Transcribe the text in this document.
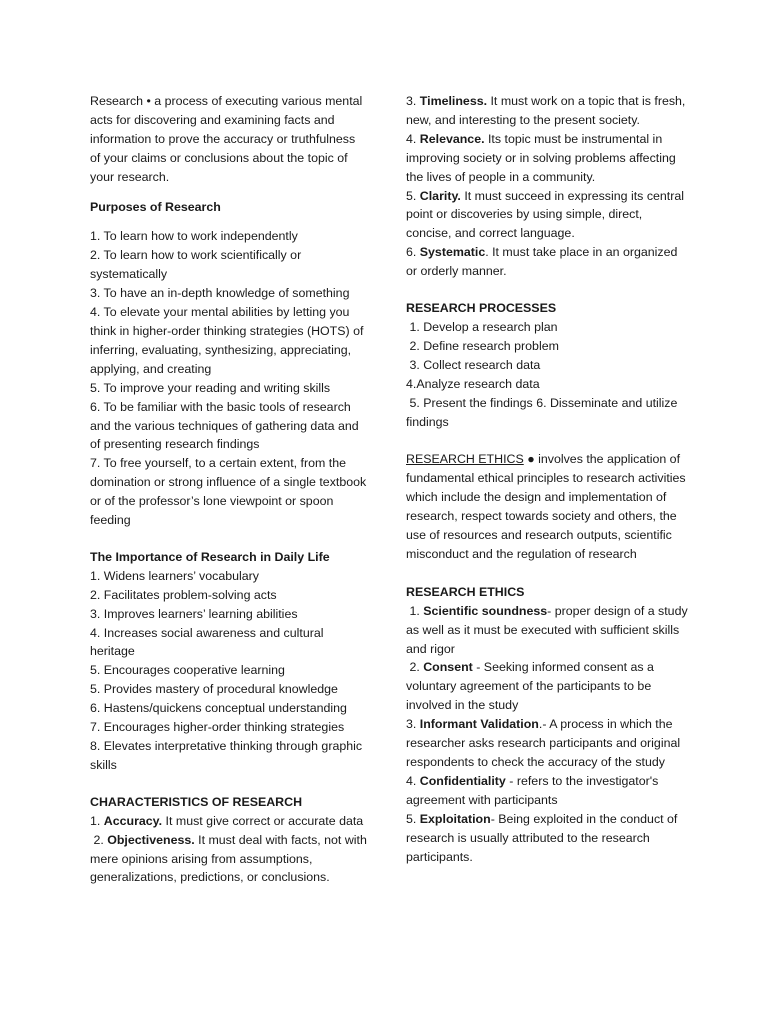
Research • a process of executing various mental acts for discovering and examining facts and information to prove the accuracy or truthfulness of your claims or conclusions about the topic of your research.

Purposes of Research

1. To learn how to work independently

2. To learn how to work scientifically or systematically

3. To have an in-depth knowledge of something

4. To elevate your mental abilities by letting you think in higher-order thinking strategies (HOTS) of inferring, evaluating, synthesizing, appreciating, applying, and creating

5. To improve your reading and writing skills

6. To be familiar with the basic tools of research and the various techniques of gathering data and of presenting research findings

7. To free yourself, to a certain extent, from the domination or strong influence of a single textbook or of the professor’s lone viewpoint or spoon feeding

The Importance of Research in Daily Life

1. Widens learners’ vocabulary

2. Facilitates problem-solving acts

3. Improves learners’ learning abilities

4. Increases social awareness and cultural heritage

5. Encourages cooperative learning

5. Provides mastery of procedural knowledge

6. Hastens/quickens conceptual understanding

7. Encourages higher-order thinking strategies

8. Elevates interpretative thinking through graphic skills

CHARACTERISTICS OF RESEARCH

1. Accuracy. It must give correct or accurate data

2. Objectiveness. It must deal with facts, not with mere opinions arising from assumptions, generalizations, predictions, or conclusions.

3. Timeliness. It must work on a topic that is fresh, new, and interesting to the present society.

4. Relevance. Its topic must be instrumental in improving society or in solving problems affecting the lives of people in a community.

5. Clarity. It must succeed in expressing its central point or discoveries by using simple, direct, concise, and correct language.

6. Systematic. It must take place in an organized or orderly manner.

RESEARCH PROCESSES

1. Develop a research plan

2. Define research problem

3. Collect research data

4.Analyze research data

5. Present the findings 6. Disseminate and utilize findings

RESEARCH ETHICS ● involves the application of fundamental ethical principles to research activities which include the design and implementation of research, respect towards society and others, the use of resources and research outputs, scientific misconduct and the regulation of research

RESEARCH ETHICS

1. Scientific soundness- proper design of a study as well as it must be executed with sufficient skills and rigor

2. Consent - Seeking informed consent as a voluntary agreement of the participants to be involved in the study

3. Informant Validation.- A process in which the researcher asks research participants and original respondents to check the accuracy of the study

4. Confidentiality - refers to the investigator's agreement with participants

5. Exploitation- Being exploited in the conduct of research is usually attributed to the research participants.
